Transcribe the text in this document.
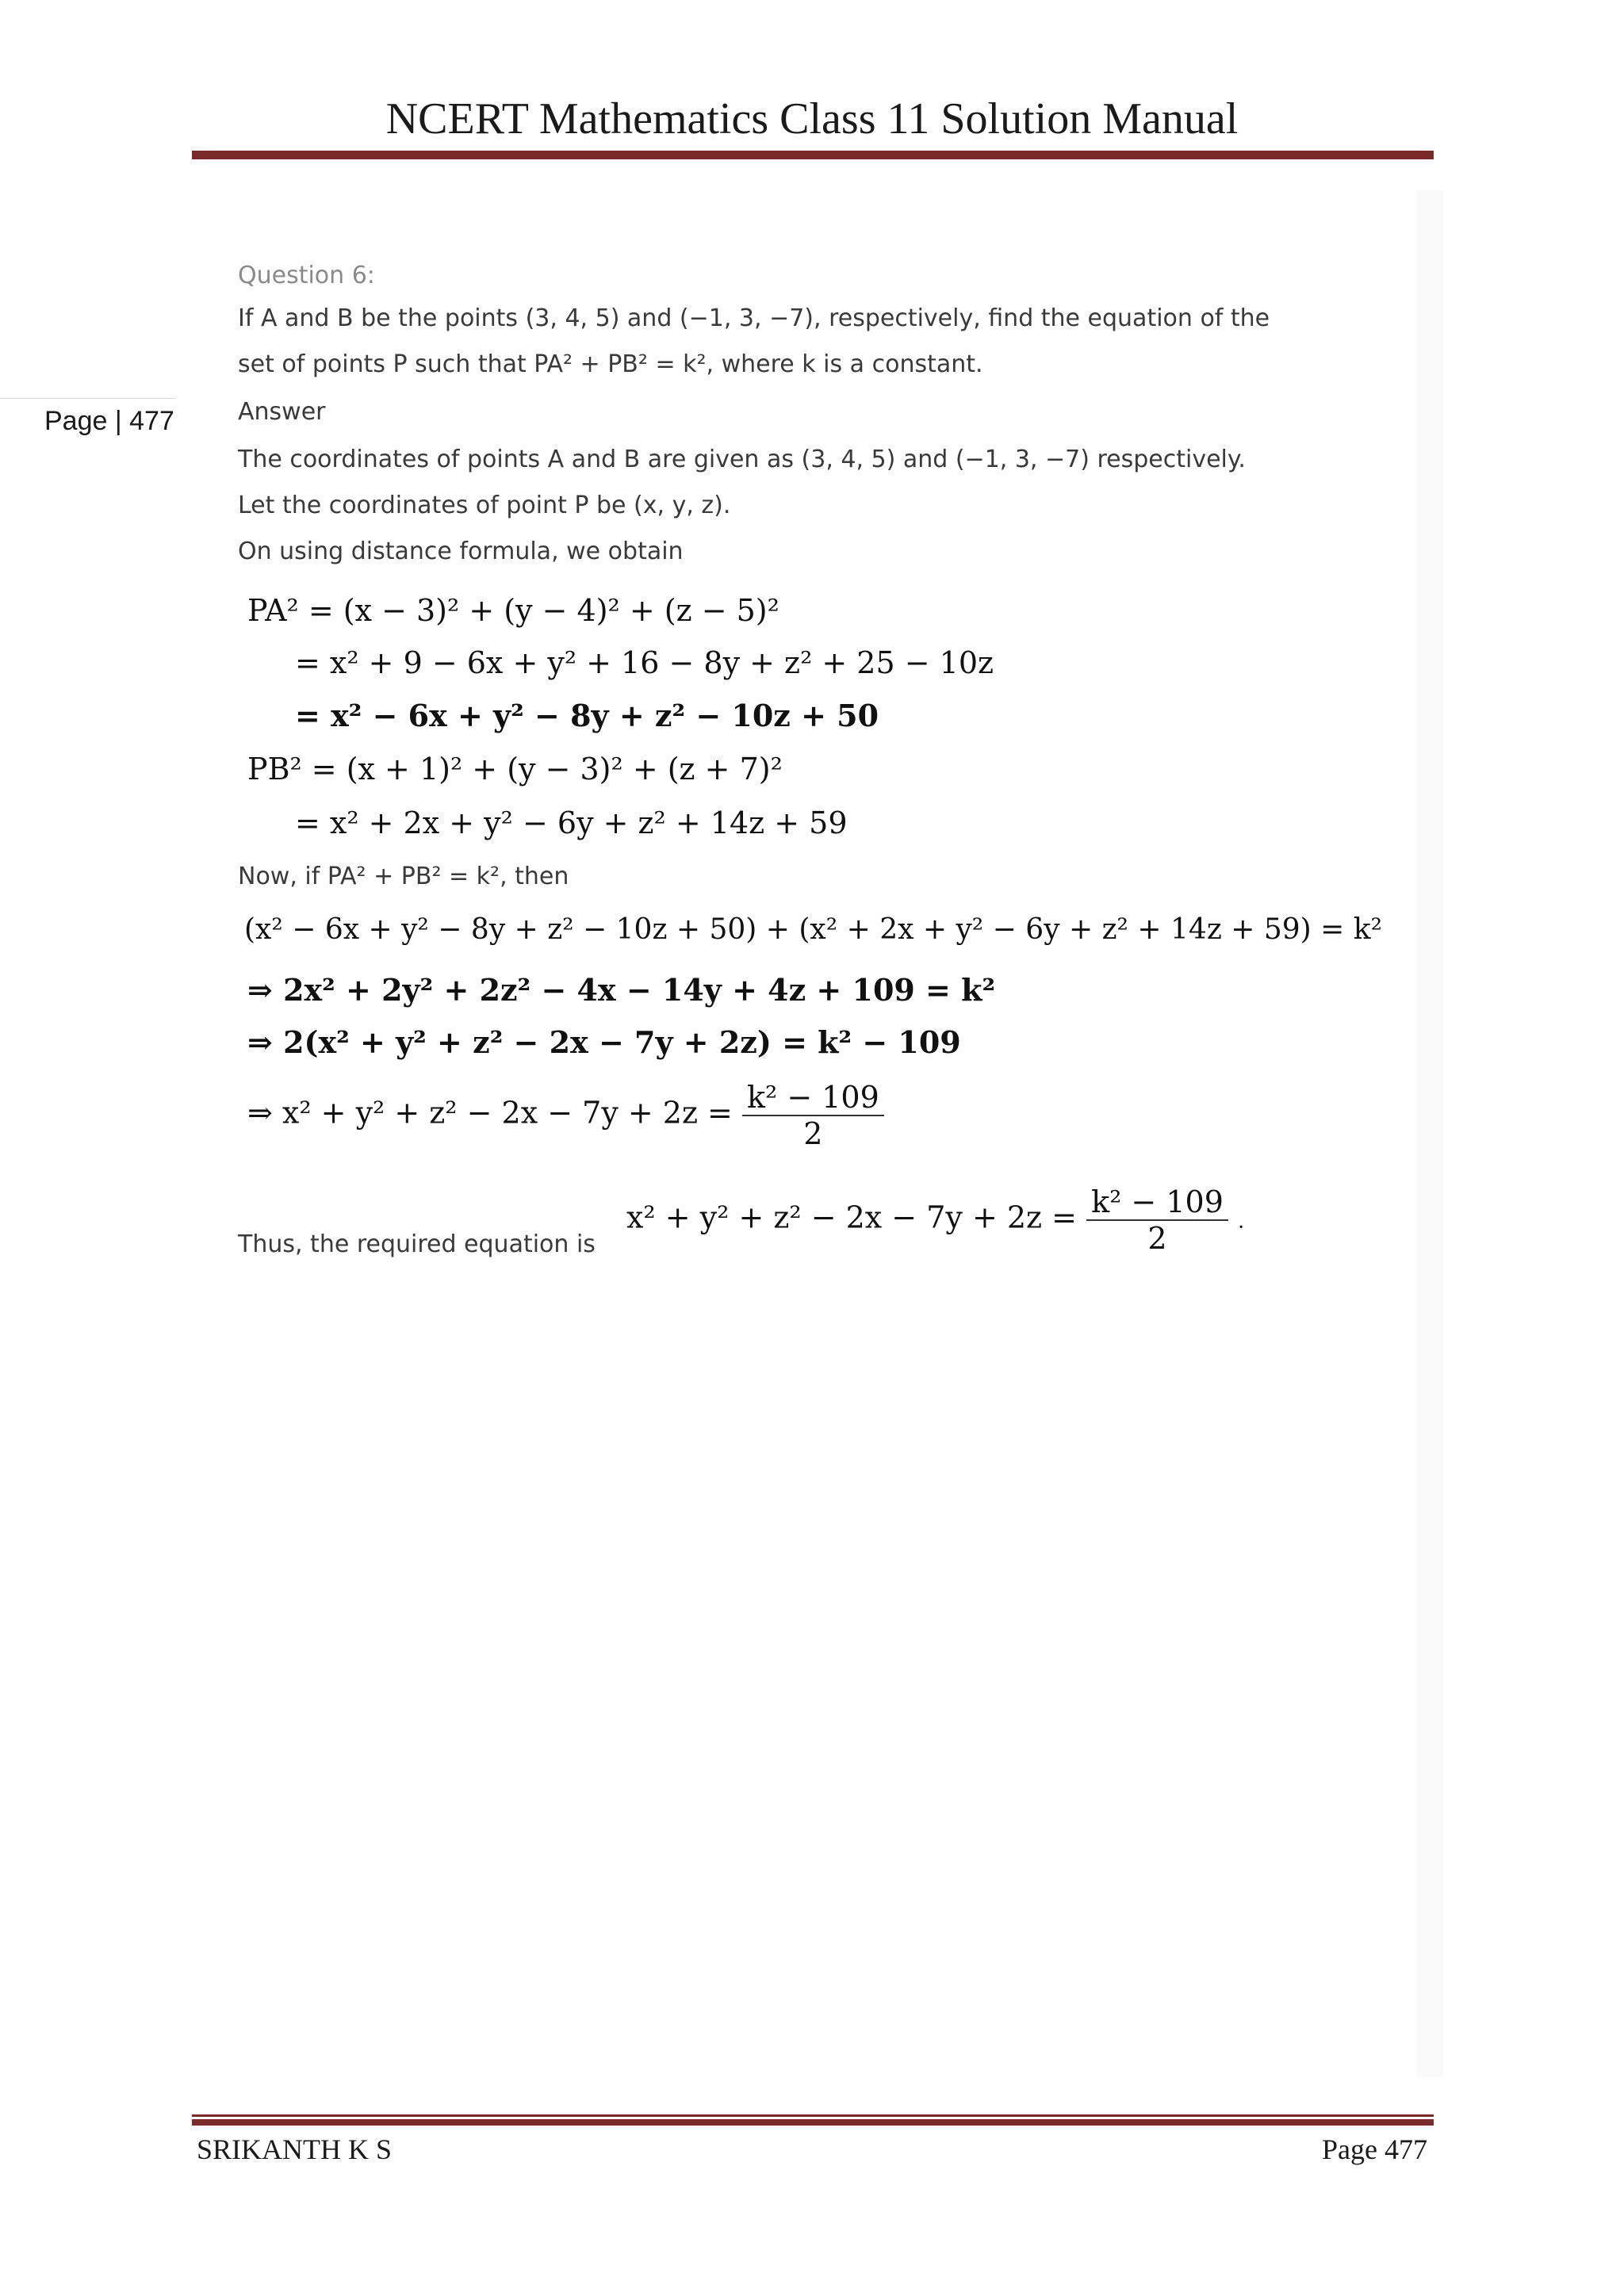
NCERT Mathematics Class 11 Solution Manual
Page | 477
Question 6:
If A and B be the points (3, 4, 5) and (−1, 3, −7), respectively, find the equation of the
set of points P such that PA² + PB² = k², where k is a constant.
Answer
The coordinates of points A and B are given as (3, 4, 5) and (−1, 3, −7) respectively.
Let the coordinates of point P be (x, y, z).
On using distance formula, we obtain
PA² = (x − 3)² + (y − 4)² + (z − 5)²
= x² + 9 − 6x + y² + 16 − 8y + z² + 25 − 10z
= x² − 6x + y² − 8y + z² − 10z + 50
PB² = (x + 1)² + (y − 3)² + (z + 7)²
= x² + 2x + y² − 6y + z² + 14z + 59
Now, if PA² + PB² = k², then
(x² − 6x + y² − 8y + z² − 10z + 50) + (x² + 2x + y² − 6y + z² + 14z + 59) = k²
⇒ 2x² + 2y² + 2z² − 4x − 14y + 4z + 109 = k²
⇒ 2(x² + y² + z² − 2x − 7y + 2z) = k² − 109
⇒ $x^2 + y^2 + z^2 - 2x - 7y + 2z = \frac{\text{k² − 109}}{2}$
Thus, the required equation is
$x^2 + y^2 + z^2 - 2x - 7y + 2z = \frac{\text{k² − 109}}{2}$ .
SRIKANTH K S	Page 477
